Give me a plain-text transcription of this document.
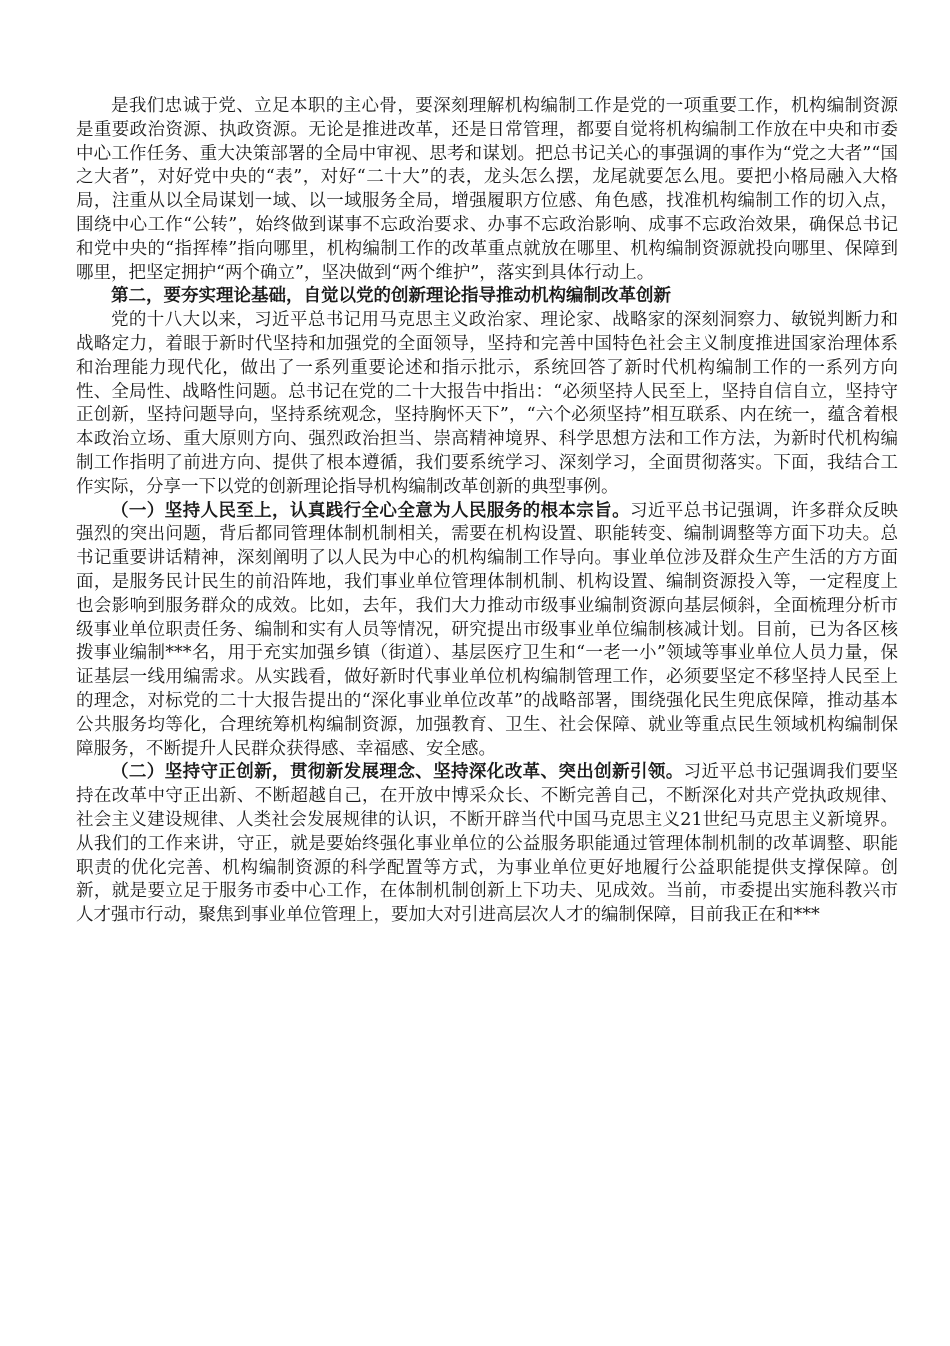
是我们忠诚于党、立足本职的主心骨，要深刻理解机构编制工作是党的一项重要工作，机构编制资源是重要政治资源、执政资源。无论是推进改革，还是日常管理，都要自觉将机构编制工作放在中央和市委中心工作任务、重大决策部署的全局中审视、思考和谋划。把总书记关心的事强调的事作为“党之大者”“国之大者”，对好党中央的“表”，对好“二十大”的表，龙头怎么摆，龙尾就要怎么甩。要把小格局融入大格局，注重从以全局谋划一域、以一域服务全局，增强履职方位感、角色感，找准机构编制工作的切入点，围绕中心工作“公转”，始终做到谋事不忘政治要求、办事不忘政治影响、成事不忘政治效果，确保总书记和党中央的“指挥棒”指向哪里，机构编制工作的改革重点就放在哪里、机构编制资源就投向哪里、保障到哪里，把坚定拥护“两个确立”，坚决做到“两个维护”，落实到具体行动上。

第二，要夯实理论基础，自觉以党的创新理论指导推动机构编制改革创新

党的十八大以来，习近平总书记用马克思主义政治家、理论家、战略家的深刻洞察力、敏锐判断力和战略定力，着眼于新时代坚持和加强党的全面领导，坚持和完善中国特色社会主义制度推进国家治理体系和治理能力现代化，做出了一系列重要论述和指示批示，系统回答了新时代机构编制工作的一系列方向性、全局性、战略性问题。总书记在党的二十大报告中指出：“必须坚持人民至上，坚持自信自立，坚持守正创新，坚持问题导向，坚持系统观念，坚持胸怀天下”，“六个必须坚持”相互联系、内在统一，蕴含着根本政治立场、重大原则方向、强烈政治担当、崇高精神境界、科学思想方法和工作方法，为新时代机构编制工作指明了前进方向、提供了根本遵循，我们要系统学习、深刻学习，全面贯彻落实。下面，我结合工作实际，分享一下以党的创新理论指导机构编制改革创新的典型事例。

（一）坚持人民至上，认真践行全心全意为人民服务的根本宗旨。习近平总书记强调，许多群众反映强烈的突出问题，背后都同管理体制机制相关，需要在机构设置、职能转变、编制调整等方面下功夫。总书记重要讲话精神，深刻阐明了以人民为中心的机构编制工作导向。事业单位涉及群众生产生活的方方面面，是服务民计民生的前沿阵地，我们事业单位管理体制机制、机构设置、编制资源投入等，一定程度上也会影响到服务群众的成效。比如，去年，我们大力推动市级事业编制资源向基层倾斜，全面梳理分析市级事业单位职责任务、编制和实有人员等情况，研究提出市级事业单位编制核减计划。目前，已为各区核拨事业编制***名，用于充实加强乡镇（街道）、基层医疗卫生和“一老一小”领域等事业单位人员力量，保证基层一线用编需求。从实践看，做好新时代事业单位机构编制管理工作，必须要坚定不移坚持人民至上的理念，对标党的二十大报告提出的“深化事业单位改革”的战略部署，围绕强化民生兜底保障，推动基本公共服务均等化，合理统筹机构编制资源，加强教育、卫生、社会保障、就业等重点民生领域机构编制保障服务，不断提升人民群众获得感、幸福感、安全感。

（二）坚持守正创新，贯彻新发展理念、坚持深化改革、突出创新引领。习近平总书记强调我们要坚持在改革中守正出新、不断超越自己，在开放中博采众长、不断完善自己，不断深化对共产党执政规律、社会主义建设规律、人类社会发展规律的认识，不断开辟当代中国马克思主义21世纪马克思主义新境界。从我们的工作来讲，守正，就是要始终强化事业单位的公益服务职能通过管理体制机制的改革调整、职能职责的优化完善、机构编制资源的科学配置等方式，为事业单位更好地履行公益职能提供支撑保障。创新，就是要立足于服务市委中心工作，在体制机制创新上下功夫、见成效。当前，市委提出实施科教兴市人才强市行动，聚焦到事业单位管理上，要加大对引进高层次人才的编制保障，目前我正在和***
